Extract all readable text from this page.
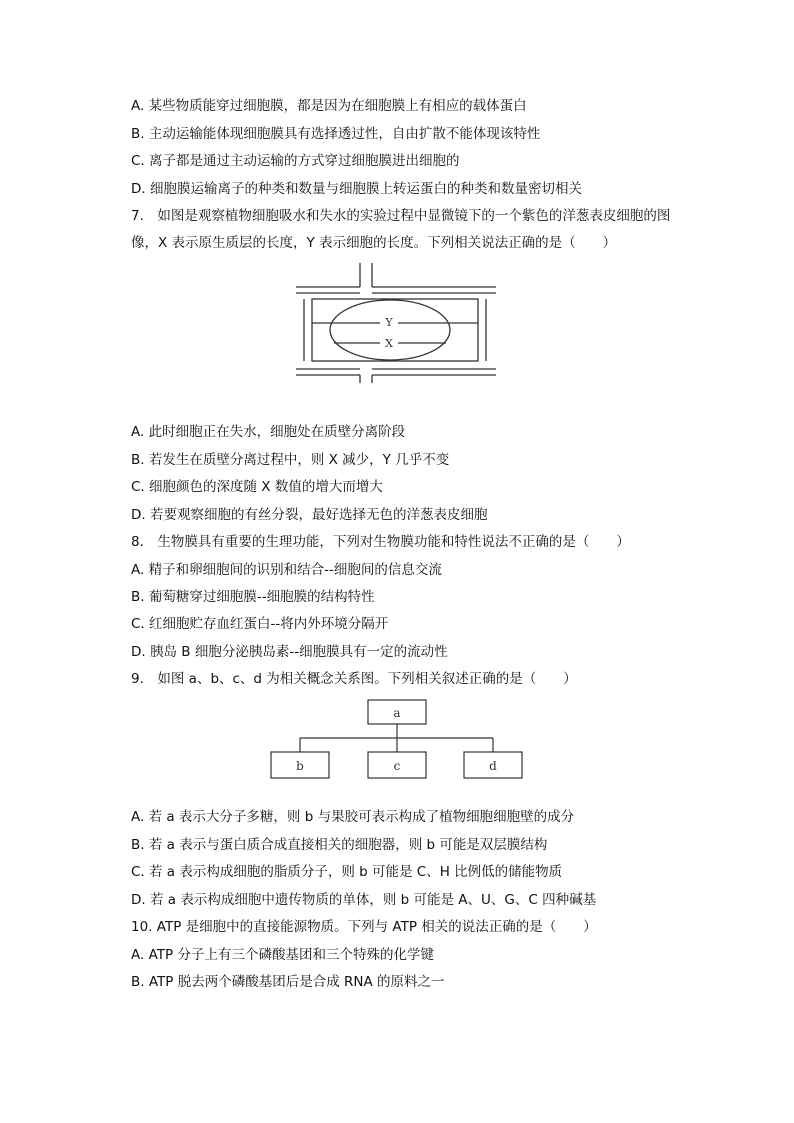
A. 某些物质能穿过细胞膜，都是因为在细胞膜上有相应的载体蛋白
B. 主动运输能体现细胞膜具有选择透过性，自由扩散不能体现该特性
C. 离子都是通过主动运输的方式穿过细胞膜进出细胞的
D. 细胞膜运输离子的种类和数量与细胞膜上转运蛋白的种类和数量密切相关
7.　如图是观察植物细胞吸水和失水的实验过程中显微镜下的一个紫色的洋葱表皮细胞的图
像，X 表示原生质层的长度，Y 表示细胞的长度。下列相关说法正确的是（　　）
Y
X
A. 此时细胞正在失水，细胞处在质壁分离阶段
B. 若发生在质壁分离过程中，则 X 减少，Y 几乎不变
C. 细胞颜色的深度随 X 数值的增大而增大
D. 若要观察细胞的有丝分裂，最好选择无色的洋葱表皮细胞
8.　生物膜具有重要的生理功能，下列对生物膜功能和特性说法不正确的是（　　）
A. 精子和卵细胞间的识别和结合--细胞间的信息交流
B. 葡萄糖穿过细胞膜--细胞膜的结构特性
C. 红细胞贮存血红蛋白--将内外环境分隔开
D. 胰岛 B 细胞分泌胰岛素--细胞膜具有一定的流动性
9.　如图 a、b、c、d 为相关概念关系图。下列相关叙述正确的是（　　）
a
b	c	d
A. 若 a 表示大分子多糖，则 b 与果胶可表示构成了植物细胞细胞壁的成分
B. 若 a 表示与蛋白质合成直接相关的细胞器，则 b 可能是双层膜结构
C. 若 a 表示构成细胞的脂质分子，则 b 可能是 C、H 比例低的储能物质
D. 若 a 表示构成细胞中遗传物质的单体，则 b 可能是 A、U、G、C 四种碱基
10. ATP 是细胞中的直接能源物质。下列与 ATP 相关的说法正确的是（　　）
A. ATP 分子上有三个磷酸基团和三个特殊的化学键
B. ATP 脱去两个磷酸基团后是合成 RNA 的原料之一
